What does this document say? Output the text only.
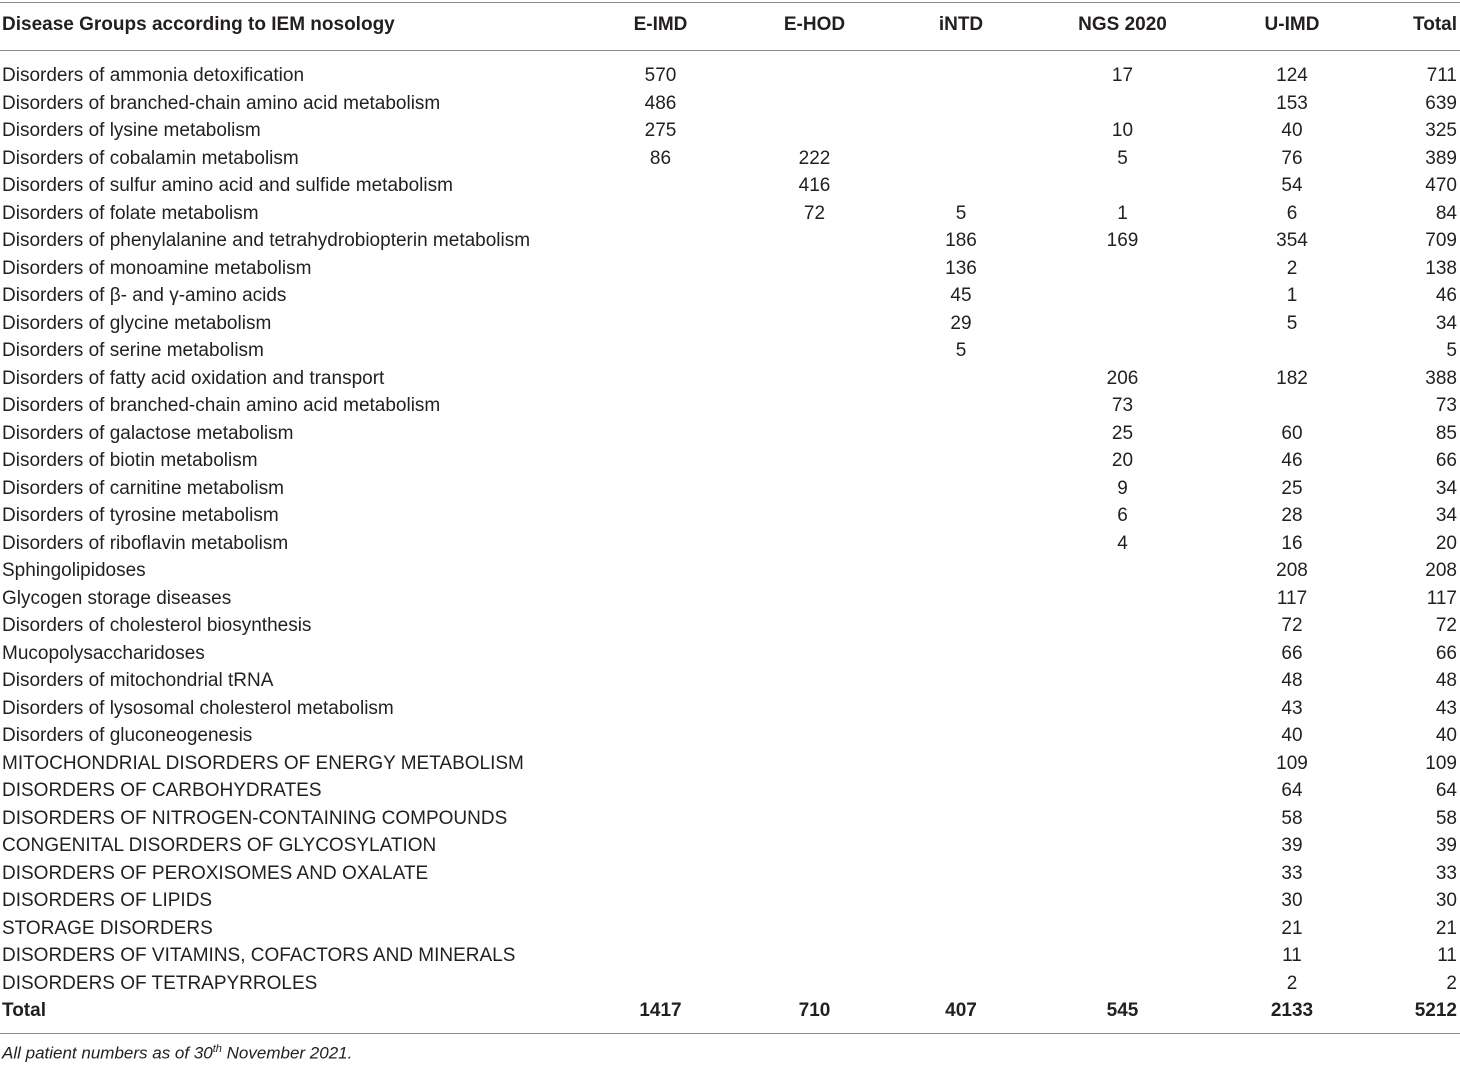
Disease Groups according to IEM nosology	E-IMD	E-HOD	iNTD	NGS 2020	U-IMD	Total

Disorders of ammonia detoxification	570			17	124	711
Disorders of branched-chain amino acid metabolism	486				153	639
Disorders of lysine metabolism	275			10	40	325
Disorders of cobalamin metabolism	86	222		5	76	389
Disorders of sulfur amino acid and sulfide metabolism		416			54	470
Disorders of folate metabolism		72	5	1	6	84
Disorders of phenylalanine and tetrahydrobiopterin metabolism			186	169	354	709
Disorders of monoamine metabolism			136		2	138
Disorders of β- and γ-amino acids			45		1	46
Disorders of glycine metabolism			29		5	34
Disorders of serine metabolism			5			5
Disorders of fatty acid oxidation and transport				206	182	388
Disorders of branched-chain amino acid metabolism				73		73
Disorders of galactose metabolism				25	60	85
Disorders of biotin metabolism				20	46	66
Disorders of carnitine metabolism				9	25	34
Disorders of tyrosine metabolism				6	28	34
Disorders of riboflavin metabolism				4	16	20
Sphingolipidoses					208	208
Glycogen storage diseases					117	117
Disorders of cholesterol biosynthesis					72	72
Mucopolysaccharidoses					66	66
Disorders of mitochondrial tRNA					48	48
Disorders of lysosomal cholesterol metabolism					43	43
Disorders of gluconeogenesis					40	40
MITOCHONDRIAL DISORDERS OF ENERGY METABOLISM					109	109
DISORDERS OF CARBOHYDRATES					64	64
DISORDERS OF NITROGEN-CONTAINING COMPOUNDS					58	58
CONGENITAL DISORDERS OF GLYCOSYLATION					39	39
DISORDERS OF PEROXISOMES AND OXALATE					33	33
DISORDERS OF LIPIDS					30	30
STORAGE DISORDERS					21	21
DISORDERS OF VITAMINS, COFACTORS AND MINERALS					11	11
DISORDERS OF TETRAPYRROLES					2	2
Total	1417	710	407	545	2133	5212
All patient numbers as of 30th November 2021.
